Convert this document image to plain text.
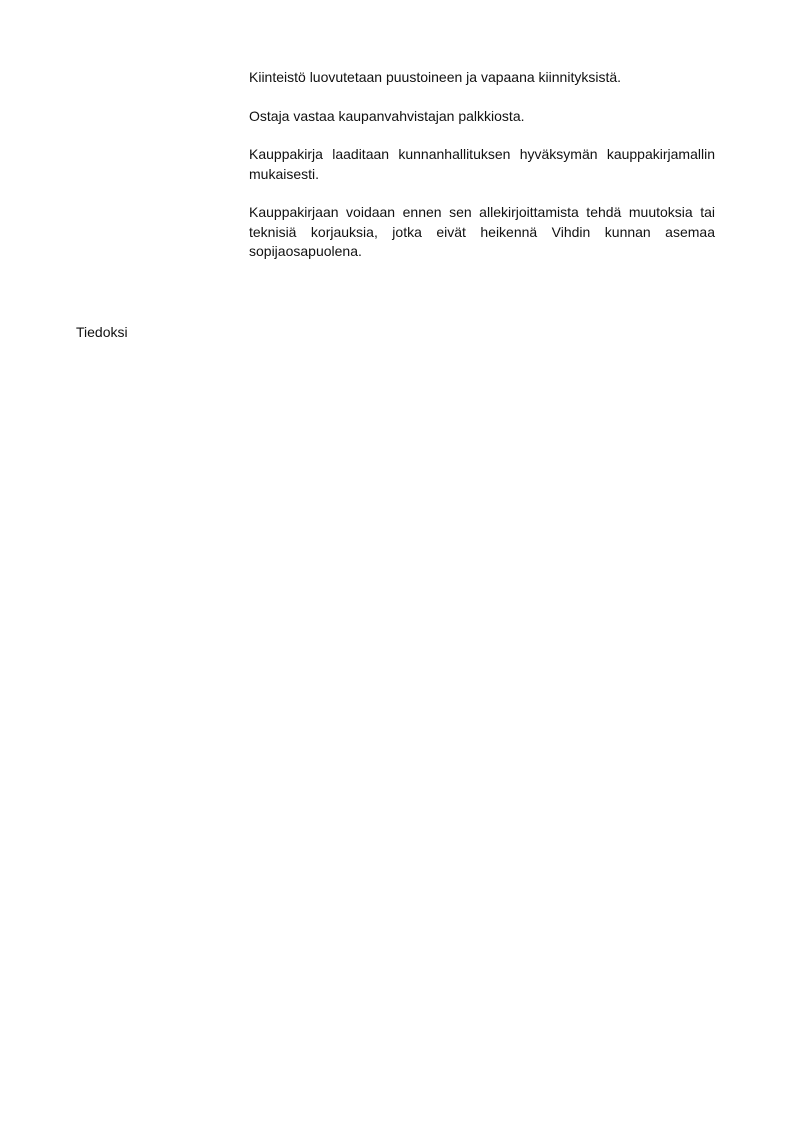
Kiinteistö luovutetaan puustoineen ja vapaana kiinnityksistä.

Ostaja vastaa kaupanvahvistajan palkkiosta.

Kauppakirja laaditaan kunnanhallituksen hyväksymän kauppakirjamallin mukaisesti.

Kauppakirjaan voidaan ennen sen allekirjoittamista tehdä muutoksia tai teknisiä korjauksia, jotka eivät heikennä Vihdin kunnan asemaa sopijaosapuolena.

Tiedoksi
